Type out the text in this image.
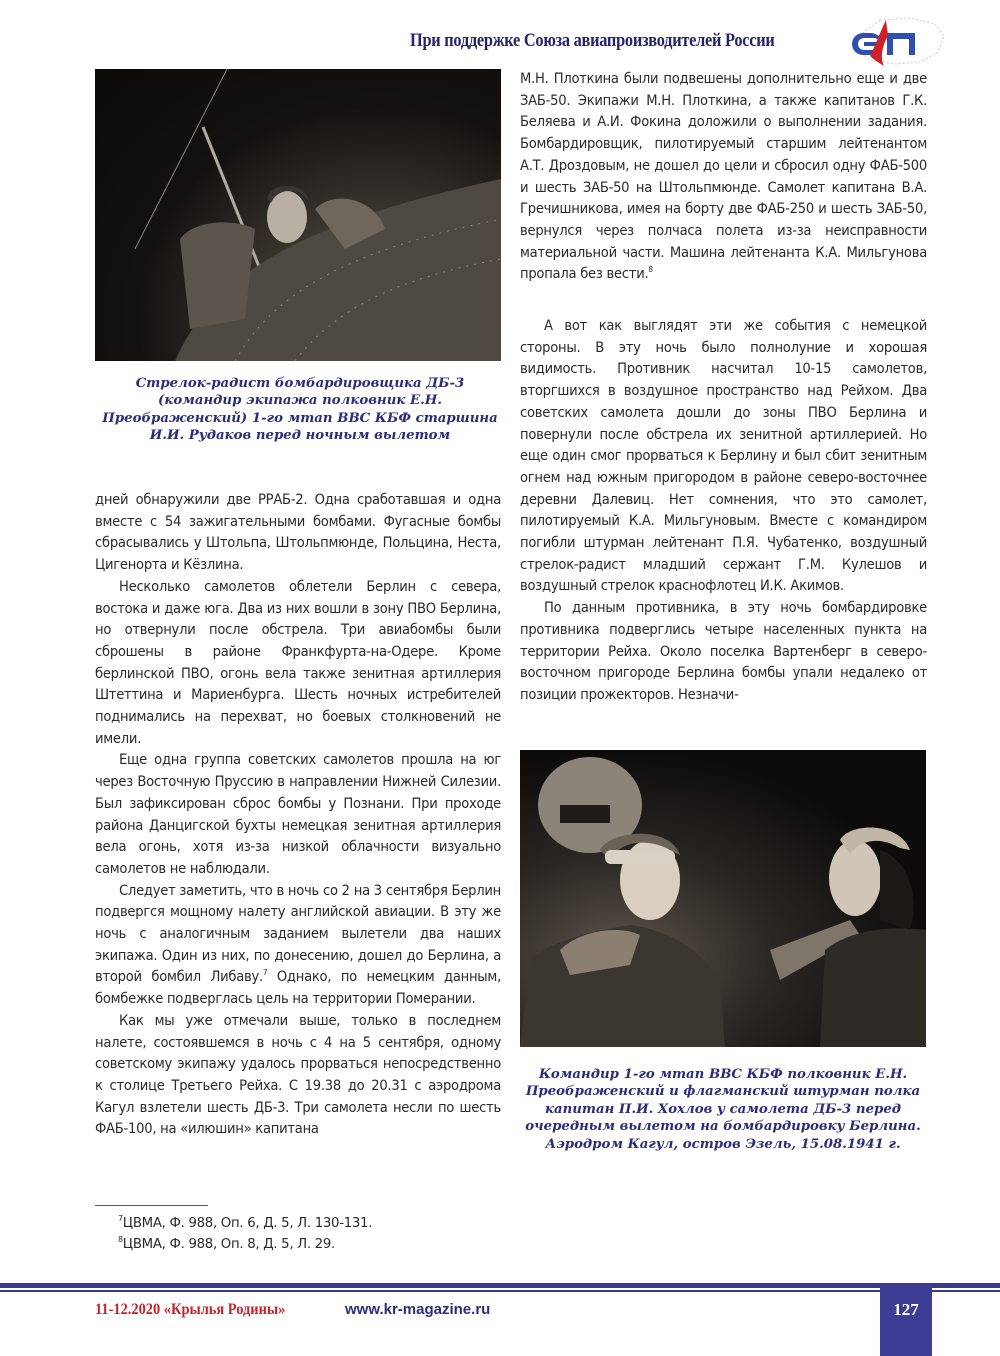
При поддержке Союза авиапроизводителей России
Стрелок-радист бомбардировщика ДБ-3 (командир экипажа полковник Е.Н. Преображенский) 1-го мтап ВВС КБФ старшина И.И. Рудаков перед ночным вылетом

дней обнаружили две РРАБ-2. Одна сработавшая и одна вместе с 54 зажигательными бомбами. Фугасные бомбы сбрасывались у Штольпа, Штольпмюнде, Польцина, Неста, Цигенорта и Кёзлина.

Несколько самолетов облетели Берлин с севера, востока и даже юга. Два из них вошли в зону ПВО Берлина, но отвернули после обстрела. Три авиабомбы были сброшены в районе Франкфурта-на-Одере. Кроме берлинской ПВО, огонь вела также зенитная артиллерия Штеттина и Мариенбурга. Шесть ночных истребителей поднимались на перехват, но боевых столкновений не имели.

Еще одна группа советских самолетов прошла на юг через Восточную Пруссию в направлении Нижней Силезии. Был зафиксирован сброс бомбы у Познани. При проходе района Данцигской бухты немецкая зенитная артиллерия вела огонь, хотя из-за низкой облачности визуально самолетов не наблюдали.

Следует заметить, что в ночь со 2 на 3 сентября Берлин подвергся мощному налету английской авиации. В эту же ночь с аналогичным заданием вылетели два наших экипажа. Один из них, по донесению, дошел до Берлина, а второй бомбил Либаву.$^7$ Однако, по немецким данным, бомбежке подверглась цель на территории Померании.

Как мы уже отмечали выше, только в последнем налете, состоявшемся в ночь с 4 на 5 сентября, одному советскому экипажу удалось прорваться непосредственно к столице Третьего Рейха. С 19.38 до 20.31 с аэродрома Кагул взлетели шесть ДБ-3. Три самолета несли по шесть ФАБ-100, на «илюшин» капитана

М.Н. Плоткина были подвешены дополнительно еще и две ЗАБ-50. Экипажи М.Н. Плоткина, а также капитанов Г.К. Беляева и А.И. Фокина доложили о выполнении задания. Бомбардировщик, пилотируемый старшим лейтенантом А.Т. Дроздовым, не дошел до цели и сбросил одну ФАБ-500 и шесть ЗАБ-50 на Штольпмюнде. Самолет капитана В.А. Гречишникова, имея на борту две ФАБ-250 и шесть ЗАБ-50, вернулся через полчаса полета из-за неисправности материальной части. Машина лейтенанта К.А. Мильгунова пропала без вести.$^8$

А вот как выглядят эти же события с немецкой стороны. В эту ночь было полнолуние и хорошая видимость. Противник насчитал 10-15 самолетов, вторгшихся в воздушное пространство над Рейхом. Два советских самолета дошли до зоны ПВО Берлина и повернули после обстрела их зенитной артиллерией. Но еще один смог прорваться к Берлину и был сбит зенитным огнем над южным пригородом в районе северо-восточнее деревни Далевиц. Нет сомнения, что это самолет, пилотируемый К.А. Мильгуновым. Вместе с командиром погибли штурман лейтенант П.Я. Чубатенко, воздушный стрелок-радист младший сержант Г.М. Кулешов и воздушный стрелок краснофлотец И.К. Акимов.

По данным противника, в эту ночь бомбардировке противника подверглись четыре населенных пункта на территории Рейха. Около поселка Вартенберг в северо-восточном пригороде Берлина бомбы упали недалеко от позиции прожекторов. Незначи-

Командир 1-го мтап ВВС КБФ полковник Е.Н. Преображенский и флагманский штурман полка капитан П.И. Хохлов у самолета ДБ-3 перед очередным вылетом на бомбардировку Берлина. Аэродром Кагул, остров Эзель, 15.08.1941 г.
$^7$ЦВМА, Ф. 988, Оп. 6, Д. 5, Л. 130-131.
$^8$ЦВМА, Ф. 988, Оп. 8, Д. 5, Л. 29.
127
11-12.2020 «Крылья Родины»	www.kr-magazine.ru
